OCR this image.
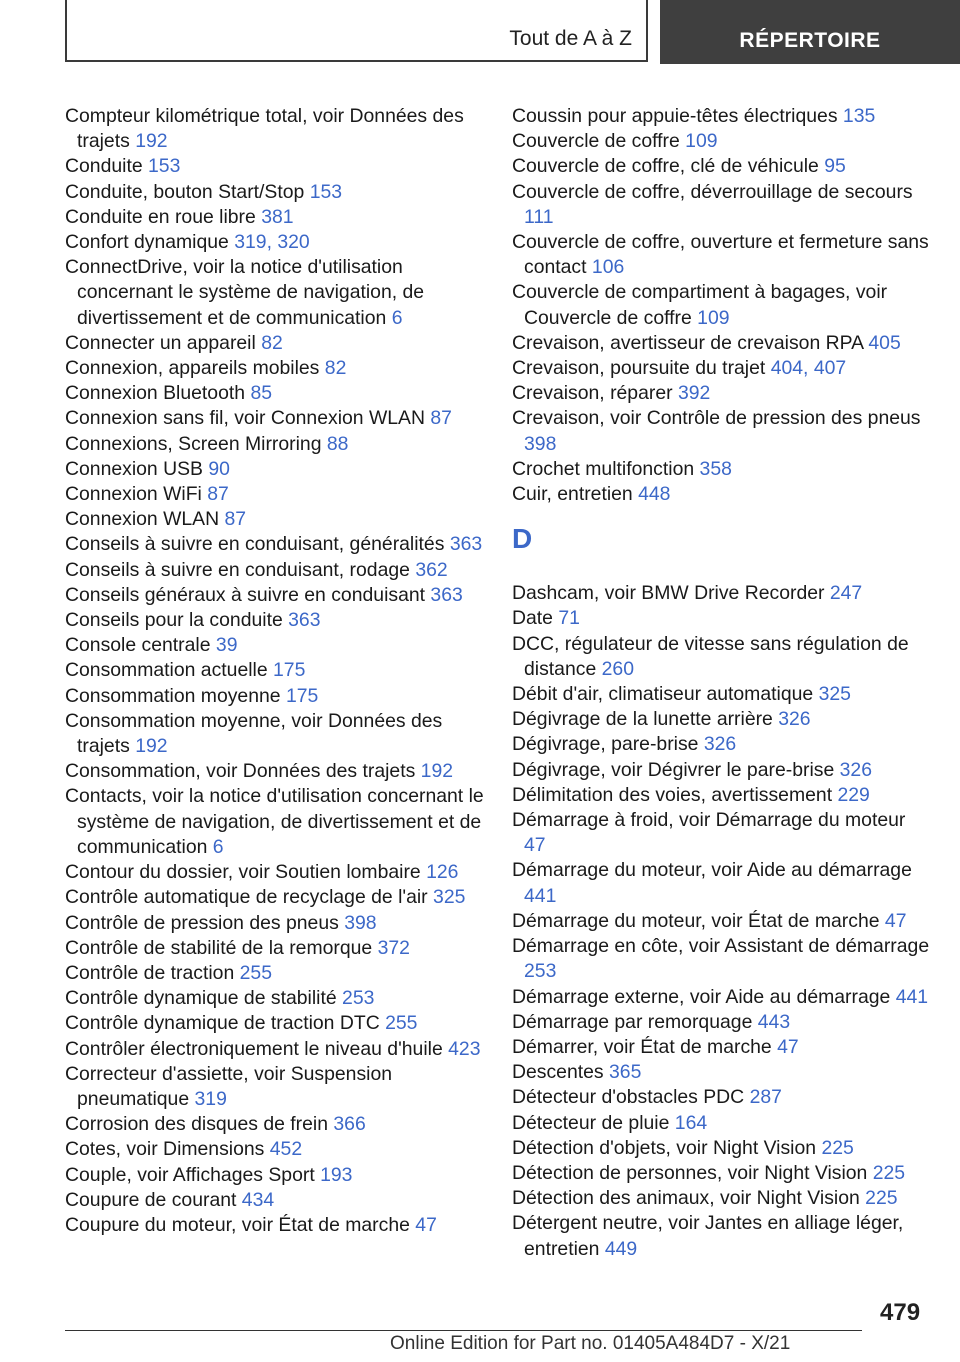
Tout de A à Z	RÉPERTOIRE
Compteur kilométrique total, voir Données des trajets 192
Conduite 153
Conduite, bouton Start/Stop 153
Conduite en roue libre 381
Confort dynamique 319, 320
ConnectDrive, voir la notice d'utilisation concernant le système de navigation, de divertissement et de communication 6
Connecter un appareil 82
Connexion, appareils mobiles 82
Connexion Bluetooth 85
Connexion sans fil, voir Connexion WLAN 87
Connexions, Screen Mirroring 88
Connexion USB 90
Connexion WiFi 87
Connexion WLAN 87
Conseils à suivre en conduisant, généralités 363
Conseils à suivre en conduisant, rodage 362
Conseils généraux à suivre en conduisant 363
Conseils pour la conduite 363
Console centrale 39
Consommation actuelle 175
Consommation moyenne 175
Consommation moyenne, voir Données des trajets 192
Consommation, voir Données des trajets 192
Contacts, voir la notice d'utilisation concernant le système de navigation, de divertissement et de communication 6
Contour du dossier, voir Soutien lombaire 126
Contrôle automatique de recyclage de l'air 325
Contrôle de pression des pneus 398
Contrôle de stabilité de la remorque 372
Contrôle de traction 255
Contrôle dynamique de stabilité 253
Contrôle dynamique de traction DTC 255
Contrôler électroniquement le niveau d'huile 423
Correcteur d'assiette, voir Suspension pneumatique 319
Corrosion des disques de frein 366
Cotes, voir Dimensions 452
Couple, voir Affichages Sport 193
Coupure de courant 434
Coupure du moteur, voir État de marche 47
Coussin pour appuie-têtes électriques 135
Couvercle de coffre 109
Couvercle de coffre, clé de véhicule 95
Couvercle de coffre, déverrouillage de secours 111
Couvercle de coffre, ouverture et fermeture sans contact 106
Couvercle de compartiment à bagages, voir Couvercle de coffre 109
Crevaison, avertisseur de crevaison RPA 405
Crevaison, poursuite du trajet 404, 407
Crevaison, réparer 392
Crevaison, voir Contrôle de pression des pneus 398
Crochet multifonction 358
Cuir, entretien 448
D
Dashcam, voir BMW Drive Recorder 247
Date 71
DCC, régulateur de vitesse sans régulation de distance 260
Débit d'air, climatiseur automatique 325
Dégivrage de la lunette arrière 326
Dégivrage, pare-brise 326
Dégivrage, voir Dégivrer le pare-brise 326
Délimitation des voies, avertissement 229
Démarrage à froid, voir Démarrage du moteur 47
Démarrage du moteur, voir Aide au démarrage 441
Démarrage du moteur, voir État de marche 47
Démarrage en côte, voir Assistant de démarrage 253
Démarrage externe, voir Aide au démarrage 441
Démarrage par remorquage 443
Démarrer, voir État de marche 47
Descentes 365
Détecteur d'obstacles PDC 287
Détecteur de pluie 164
Détection d'objets, voir Night Vision 225
Détection de personnes, voir Night Vision 225
Détection des animaux, voir Night Vision 225
Détergent neutre, voir Jantes en alliage léger, entretien 449
479
Online Edition for Part no. 01405A484D7 - X/21
